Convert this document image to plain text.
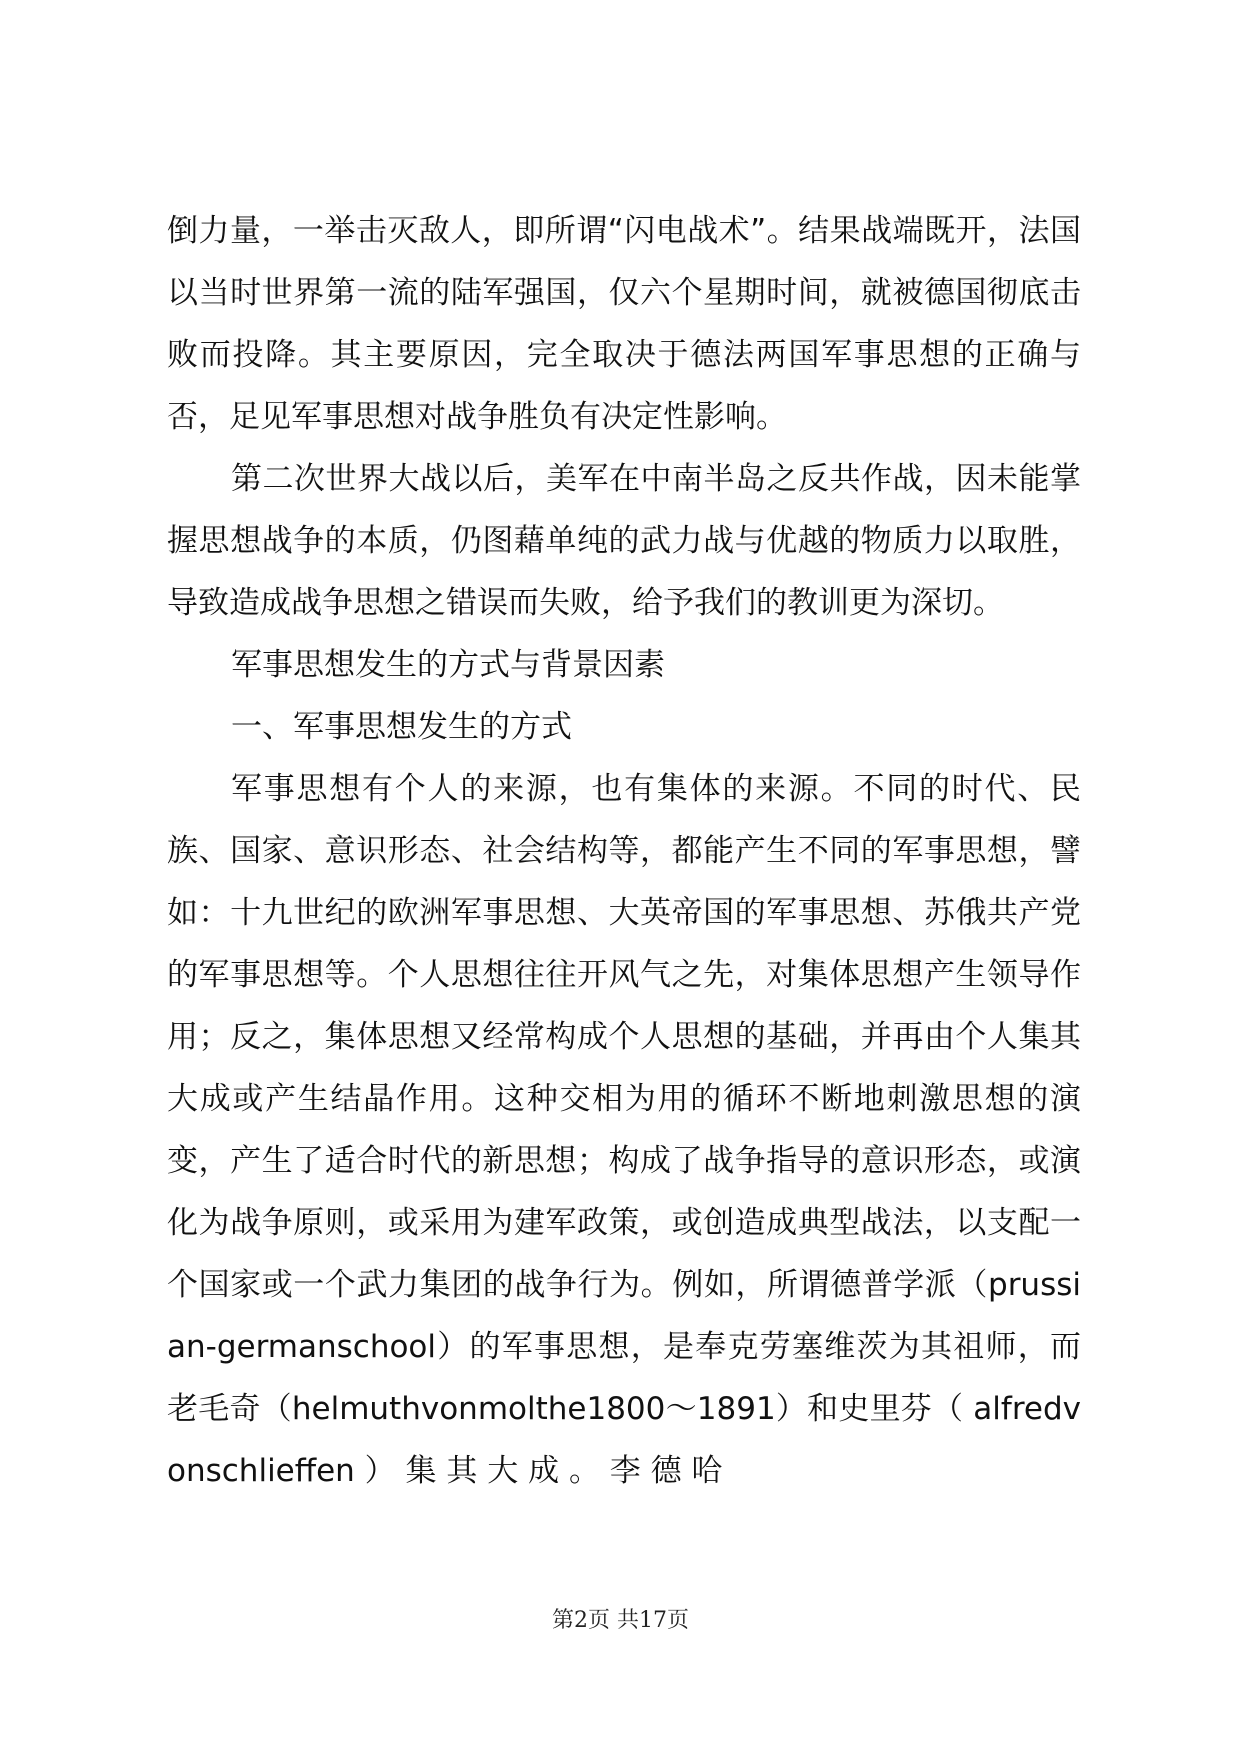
倒力量，一举击灭敌人，即所谓“闪电战术”。结果战端既开，法国以当时世界第一流的陆军强国，仅六个星期时间，就被德国彻底击败而投降。其主要原因，完全取决于德法两国军事思想的正确与否，足见军事思想对战争胜负有决定性影响。

第二次世界大战以后，美军在中南半岛之反共作战，因未能掌握思想战争的本质，仍图藉单纯的武力战与优越的物质力以取胜，导致造成战争思想之错误而失败，给予我们的教训更为深切。

军事思想发生的方式与背景因素

一、军事思想发生的方式

军事思想有个人的来源，也有集体的来源。不同的时代、民族、国家、意识形态、社会结构等，都能产生不同的军事思想，譬如：十九世纪的欧洲军事思想、大英帝国的军事思想、苏俄共产党的军事思想等。个人思想往往开风气之先，对集体思想产生领导作用；反之，集体思想又经常构成个人思想的基础，并再由个人集其大成或产生结晶作用。这种交相为用的循环不断地刺激思想的演变，产生了适合时代的新思想；构成了战争指导的意识形态，或演化为战争原则，或采用为建军政策，或创造成典型战法，以支配一个国家或一个武力集团的战争行为。例如，所谓德普学派（prussian-germanschool）的军事思想，是奉克劳塞维茨为其祖师，而老毛奇（helmuthvonmolthe1800～1891）和史里芬（ alfredvonschlieffen ） 集 其 大 成 。 李 德 哈

第2页 共17页
